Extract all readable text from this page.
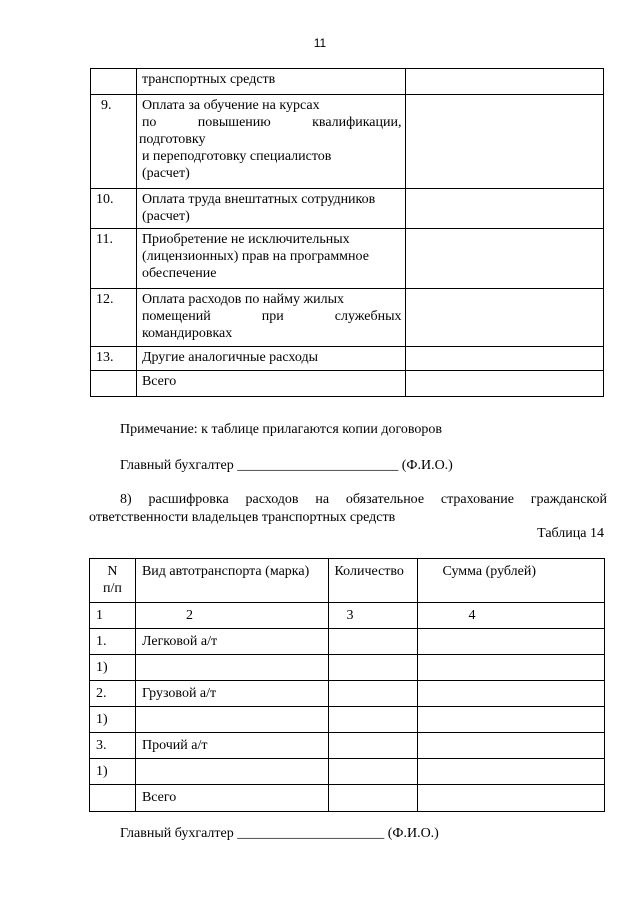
11

	транспортных средств	

9.	Оплата за обучение на курсах
по повышению квалификации,
подготовку
и переподготовку специалистов
(расчет)	

10.	Оплата труда внештатных сотрудников
(расчет)	

11.	Приобретение не исключительных
(лицензионных) прав на программное
обеспечение	

12.	Оплата расходов по найму жилых
помещений при служебных
командировках	

13.	Другие аналогичные расходы	

	Всего	

Примечание: к таблице прилагаются копии договоров
Главный бухгалтер _______________________ (Ф.И.О.)
8) расшифровка расходов на обязательное страхование гражданской
ответственности владельцев транспортных средств
Таблица 14
N п/п	Вид автотранспорта (марка)	Количество	Сумма (рублей)
1	2	3	4
1.	Легковой а/т		
1)			
2.	Грузовой а/т		
1)			
3.	Прочий а/т		
1)			
	Всего		
Главный бухгалтер _____________________ (Ф.И.О.)
